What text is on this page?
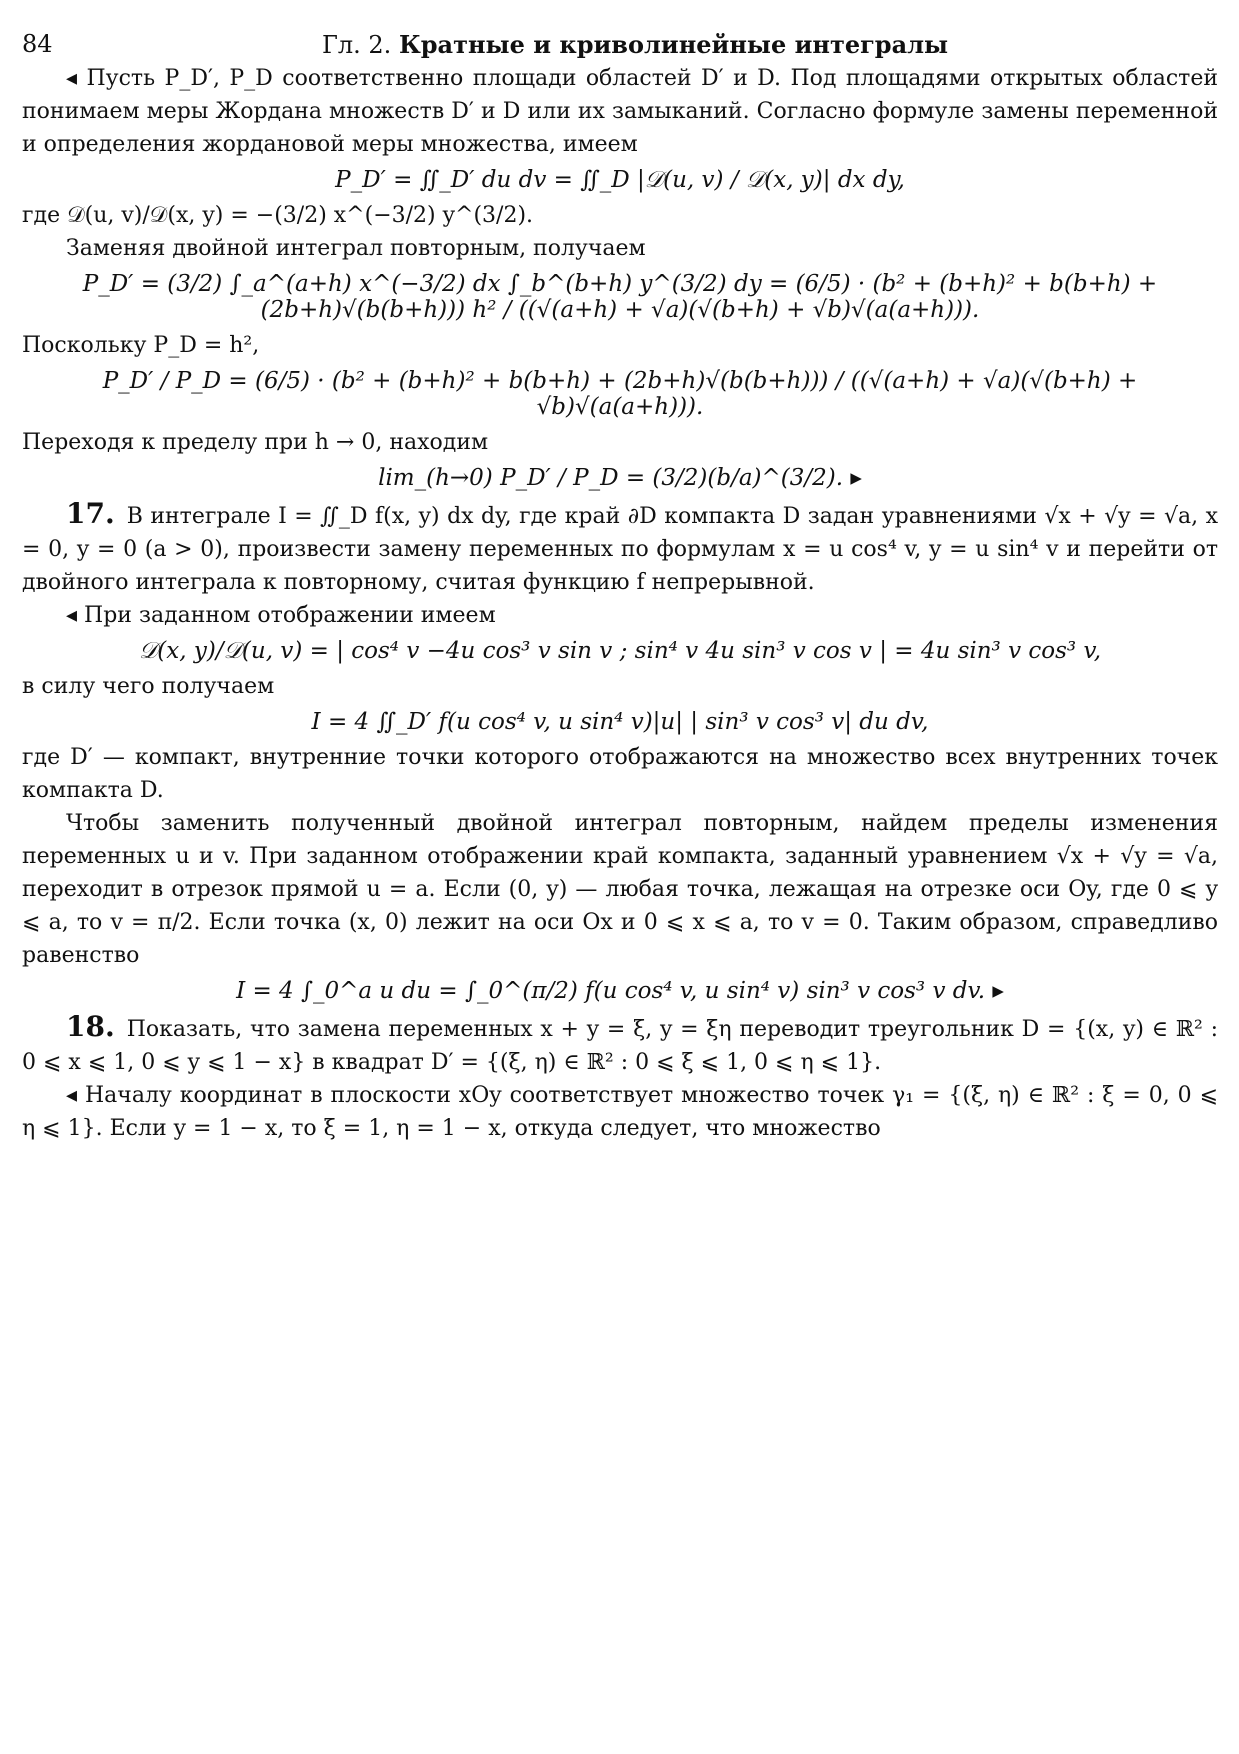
84	Гл. 2. Кратные и криволинейные интегралы

◂ Пусть P_D′, P_D соответственно площади областей D′ и D. Под площадями открытых областей понимаем меры Жордана множеств D′ и D или их замыканий. Согласно формуле замены переменной и определения жордановой меры множества, имеем

P_D′ = ∬_D′ du dv = ∬_D |𝒟(u, v) / 𝒟(x, y)| dx dy,

где 𝒟(u, v)/𝒟(x, y) = −(3/2) x^(−3/2) y^(3/2).

Заменяя двойной интеграл повторным, получаем

P_D′ = (3/2) ∫_a^(a+h) x^(−3/2) dx ∫_b^(b+h) y^(3/2) dy = (6/5) · (b² + (b+h)² + b(b+h) + (2b+h)√(b(b+h))) h² / ((√(a+h) + √a)(√(b+h) + √b)√(a(a+h))).

Поскольку P_D = h²,

P_D′ / P_D = (6/5) · (b² + (b+h)² + b(b+h) + (2b+h)√(b(b+h))) / ((√(a+h) + √a)(√(b+h) + √b)√(a(a+h))).

Переходя к пределу при h → 0, находим

lim_(h→0) P_D′ / P_D = (3/2)(b/a)^(3/2). ▸

17. В интеграле I = ∬_D f(x, y) dx dy, где край ∂D компакта D задан уравнениями √x + √y = √a, x = 0, y = 0 (a > 0), произвести замену переменных по формулам x = u cos⁴ v, y = u sin⁴ v и перейти от двойного интеграла к повторному, считая функцию f непрерывной.

◂ При заданном отображении имеем

𝒟(x, y)/𝒟(u, v) = | cos⁴ v −4u cos³ v sin v ; sin⁴ v 4u sin³ v cos v | = 4u sin³ v cos³ v,

в силу чего получаем

I = 4 ∬_D′ f(u cos⁴ v, u sin⁴ v)|u| | sin³ v cos³ v| du dv,

где D′ — компакт, внутренние точки которого отображаются на множество всех внутренних точек компакта D.

Чтобы заменить полученный двойной интеграл повторным, найдем пределы изменения переменных u и v. При заданном отображении край компакта, заданный уравнением √x + √y = √a, переходит в отрезок прямой u = a. Если (0, y) — любая точка, лежащая на отрезке оси Oy, где 0 ⩽ y ⩽ a, то v = π/2. Если точка (x, 0) лежит на оси Ox и 0 ⩽ x ⩽ a, то v = 0. Таким образом, справедливо равенство

I = 4 ∫_0^a u du = ∫_0^(π/2) f(u cos⁴ v, u sin⁴ v) sin³ v cos³ v dv. ▸

18. Показать, что замена переменных x + y = ξ, y = ξη переводит треугольник D = {(x, y) ∈ ℝ² : 0 ⩽ x ⩽ 1, 0 ⩽ y ⩽ 1 − x} в квадрат D′ = {(ξ, η) ∈ ℝ² : 0 ⩽ ξ ⩽ 1, 0 ⩽ η ⩽ 1}.

◂ Началу координат в плоскости xOy соответствует множество точек γ₁ = {(ξ, η) ∈ ℝ² : ξ = 0, 0 ⩽ η ⩽ 1}. Если y = 1 − x, то ξ = 1, η = 1 − x, откуда следует, что множество
